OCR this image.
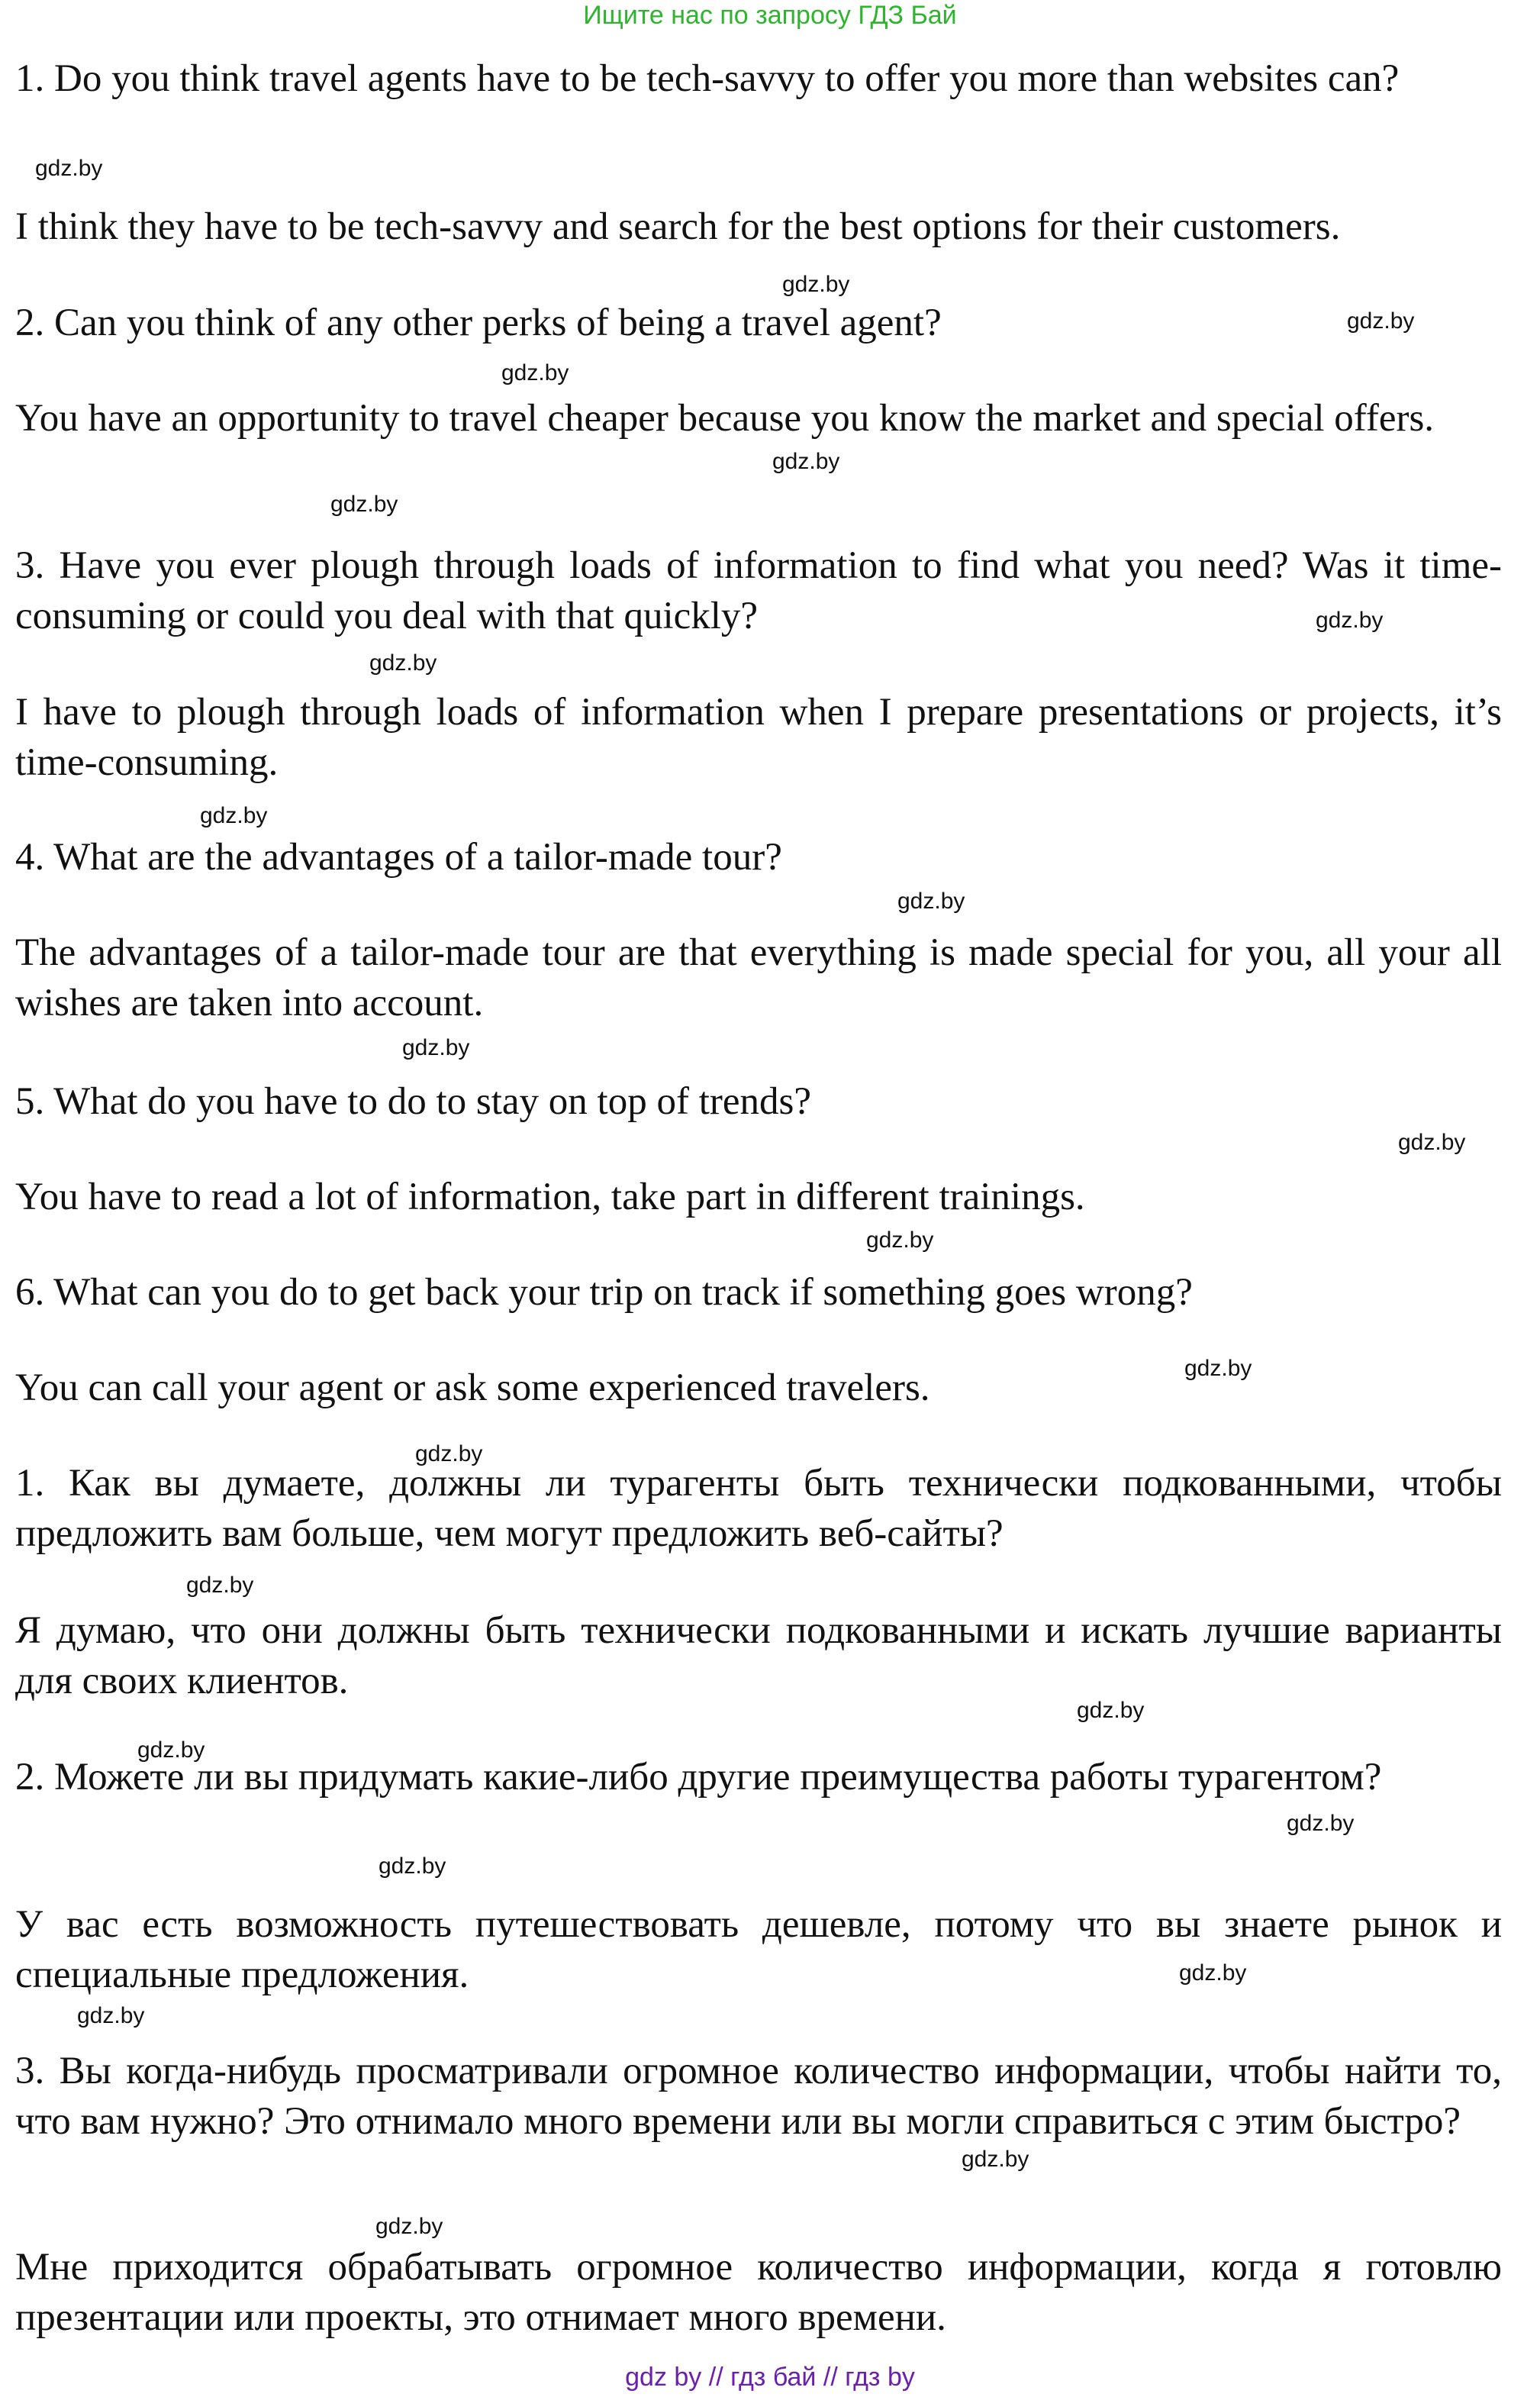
Ищите нас по запросу ГДЗ Бай
1. Do you think travel agents have to be tech-savvy to offer you more than websites can?
I think they have to be tech-savvy and search for the best options for their customers.
2. Can you think of any other perks of being a travel agent?
You have an opportunity to travel cheaper because you know the market and special offers.
3. Have you ever plough through loads of information to find what you need? Was it time-consuming or could you deal with that quickly?
I have to plough through loads of information when I prepare presentations or projects, it’s time-consuming.
4. What are the advantages of a tailor-made tour?
The advantages of a tailor-made tour are that everything is made special for you, all your all wishes are taken into account.
5. What do you have to do to stay on top of trends?
You have to read a lot of information, take part in different trainings.
6. What can you do to get back your trip on track if something goes wrong?
You can call your agent or ask some experienced travelers.
1. Как вы думаете, должны ли турагенты быть технически подкованными, чтобы предложить вам больше, чем могут предложить веб-сайты?
Я думаю, что они должны быть технически подкованными и искать лучшие варианты для своих клиентов.
2. Можете ли вы придумать какие-либо другие преимущества работы турагентом?
У вас есть возможность путешествовать дешевле, потому что вы знаете рынок и специальные предложения.
3. Вы когда-нибудь просматривали огромное количество информации, чтобы найти то, что вам нужно? Это отнимало много времени или вы могли справиться с этим быстро?
Мне приходится обрабатывать огромное количество информации, когда я готовлю презентации или проекты, это отнимает много времени.
gdz.by
gdz.by
gdz.by
gdz.by
gdz.by
gdz.by
gdz.by
gdz.by
gdz.by
gdz.by
gdz.by
gdz.by
gdz.by
gdz.by
gdz.by
gdz.by
gdz.by
gdz.by
gdz.by
gdz.by
gdz.by
gdz.by
gdz.by
gdz.by
gdz by // гдз бай // гдз by
